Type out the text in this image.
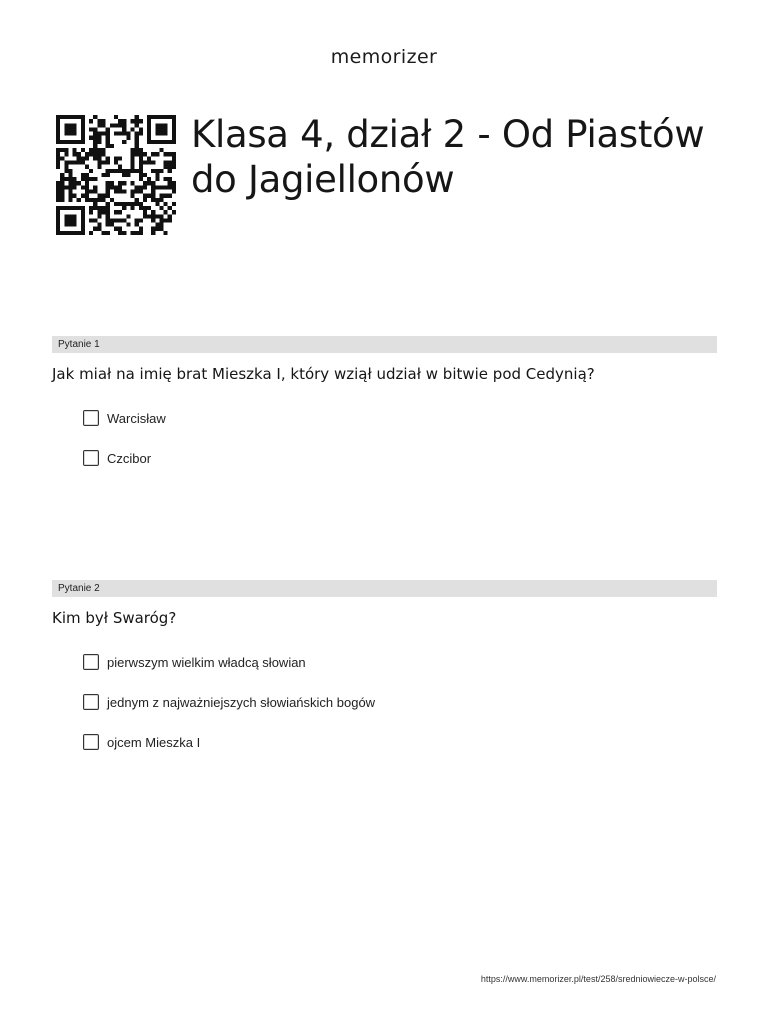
memorizer
Klasa 4, dział 2 - Od Piastów
do Jagiellonów
Pytanie 1
Jak miał na imię brat Mieszka I, który wziął udział w bitwie pod Cedynią?
Warcisław
Czcibor
Pytanie 2
Kim był Swaróg?
pierwszym wielkim władcą słowian
jednym z najważniejszych słowiańskich bogów
ojcem Mieszka I
https://www.memorizer.pl/test/258/sredniowiecze-w-polsce/
